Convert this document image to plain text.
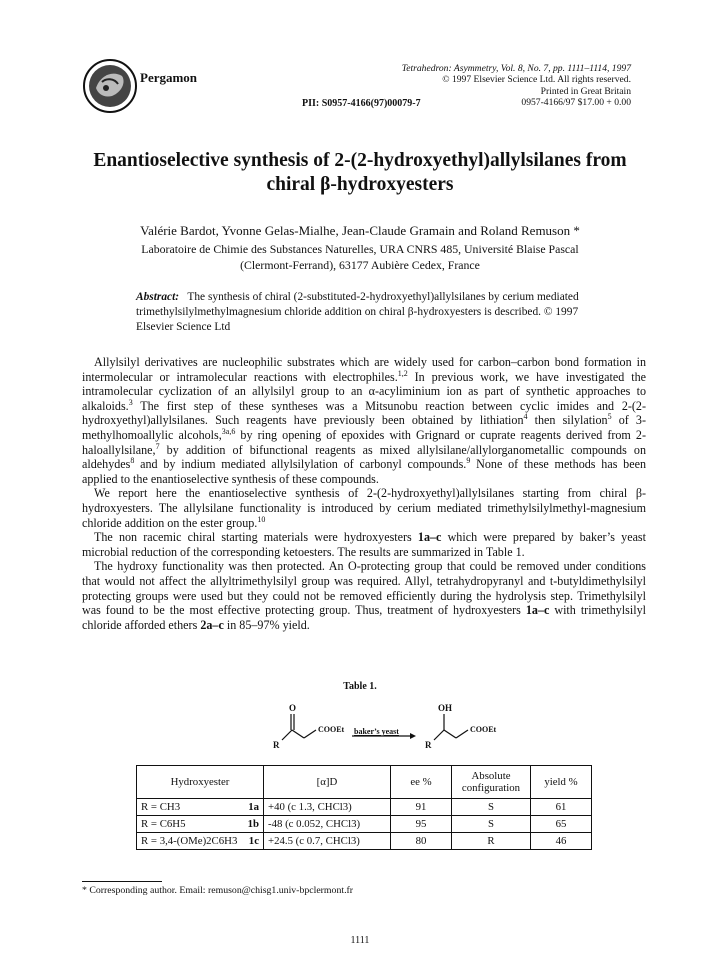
Pergamon
Tetrahedron: Asymmetry, Vol. 8, No. 7, pp. 1111–1114, 1997
© 1997 Elsevier Science Ltd. All rights reserved.
Printed in Great Britain
0957-4166/97 $17.00 + 0.00
PII: S0957-4166(97)00079-7
Enantioselective synthesis of 2-(2-hydroxyethyl)allylsilanes from
chiral β-hydroxyesters
Valérie Bardot, Yvonne Gelas-Mialhe, Jean-Claude Gramain and Roland Remuson *
Laboratoire de Chimie des Substances Naturelles, URA CNRS 485, Université Blaise Pascal
(Clermont-Ferrand), 63177 Aubière Cedex, France
Abstract: The synthesis of chiral (2-substituted-2-hydroxyethyl)allylsilanes by cerium mediated trimethylsilylmethylmagnesium chloride addition on chiral β-hydroxyesters is described. © 1997 Elsevier Science Ltd

Allylsilyl derivatives are nucleophilic substrates which are widely used for carbon–carbon bond formation in intermolecular or intramolecular reactions with electrophiles.$^{1,2}$ In previous work, we have investigated the intramolecular cyclization of an allylsilyl group to an α-acyliminium ion as part of synthetic approaches to alkaloids.$^3$ The first step of these syntheses was a Mitsunobu reaction between cyclic imides and 2-(2-hydroxyethyl)allylsilanes. Such reagents have previously been obtained by lithiation$^4$ then silylation$^5$ of 3-methylhomoallylic alcohols,$^{3a,6}$ by ring opening of epoxides with Grignard or cuprate reagents derived from 2-haloallylsilane,$^7$ by addition of bifunctional reagents as mixed allylsilane/allylorganometallic compounds on aldehydes$^8$ and by indium mediated allylsilylation of carbonyl compounds.$^9$ None of these methods has been applied to the enantioselective synthesis of these compounds.

We report here the enantioselective synthesis of 2-(2-hydroxyethyl)allylsilanes starting from chiral β-hydroxyesters. The allylsilane functionality is introduced by cerium mediated trimethylsilylmethyl-magnesium chloride addition on the ester group.$^{10}$

The non racemic chiral starting materials were hydroxyesters 1a–c which were prepared by baker’s yeast microbial reduction of the corresponding ketoesters. The results are summarized in Table 1.

The hydroxy functionality was then protected. An O-protecting group that could be removed under conditions that would not affect the allyltrimethylsilyl group was required. Allyl, tetrahydropyranyl and t-butyldimethylsilyl protecting groups were used but they could not be removed efficiently during the hydrolysis step. Trimethylsilyl was found to be the most effective protecting group. Thus, treatment of hydroxyesters 1a–c with trimethylsilyl chloride afforded ethers 2a–c in 85–97% yield.

Table 1.
O
R
COOEt baker’s yeast
OH
R
COOEt
Hydroxyester	[α]D	ee %	Absolute configuration	yield %

R = CH3 1a	+40 (c 1.3, CHCl3)	91	S	61

R = C6H5 1b	-48 (c 0.052, CHCl3)	95	S	65

R = 3,4-(OMe)2C6H3 1c	+24.5 (c 0.7, CHCl3)	80	R	46
* Corresponding author. Email: remuson@chisg1.univ-bpclermont.fr
1111
